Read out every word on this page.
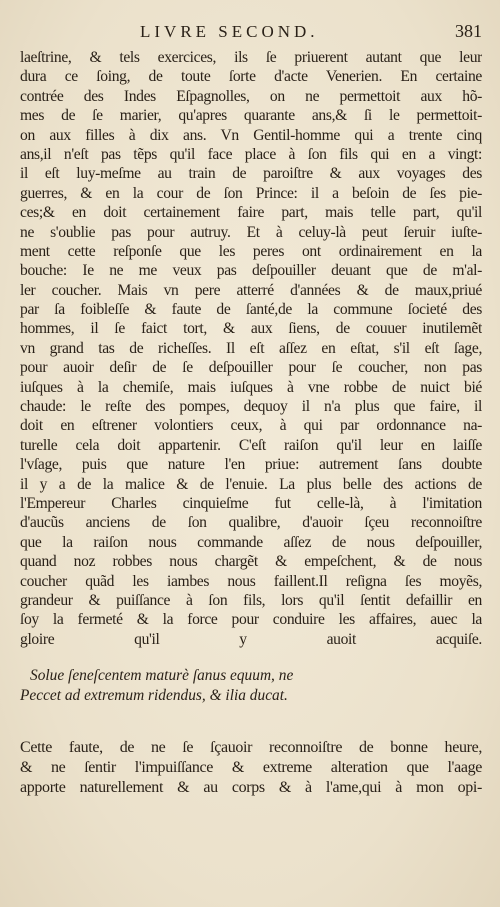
LIVRE SECOND.	381
laeſtrine, & tels exercices, ils ſe priuerent autant que leur
dura ce ſoing, de toute ſorte d'acte Venerien. En certaine
contrée des Indes Eſpagnolles, on ne permettoit aux hõ-
mes de ſe marier, qu'apres quarante ans,& ſi le permettoit-
on aux filles à dix ans. Vn Gentil-homme qui a trente cinq
ans,il n'eſt pas tẽps qu'il face place à ſon fils qui en a vingt:
il eſt luy-meſme au train de paroiſtre & aux voyages des
guerres, & en la cour de ſon Prince: il a beſoin de ſes pie-
ces;& en doit certainement faire part, mais telle part, qu'il
ne s'oublie pas pour autruy. Et à celuy-là peut ſeruir iuſte-
ment cette reſponſe que les peres ont ordinairement en la
bouche: Ie ne me veux pas deſpouiller deuant que de m'al-
ler coucher. Mais vn pere atterré d'années & de maux,priué
par ſa foibleſſe & faute de ſanté,de la commune ſocieté des
hommes, il ſe faict tort, & aux ſiens, de couuer inutilemẽt
vn grand tas de richeſſes. Il eſt aſſez en eſtat, s'il eſt ſage,
pour auoir deſir de ſe deſpouiller pour ſe coucher, non pas
iuſques à la chemiſe, mais iuſques à vne robbe de nuict bié
chaude: le reſte des pompes, dequoy il n'a plus que faire, il
doit en eſtrener volontiers ceux, à qui par ordonnance na-
turelle cela doit appartenir. C'eſt raiſon qu'il leur en laiſſe
l'vſage, puis que nature l'en priue: autrement ſans doubte
il y a de la malice & de l'enuie. La plus belle des actions de
l'Empereur Charles cinquieſme fut celle-là, à l'imitation
d'aucũs anciens de ſon qualibre, d'auoir ſçeu reconnoiſtre
que la raiſon nous commande aſſez de nous deſpouiller,
quand noz robbes nous chargẽt & empeſchent, & de nous
coucher quãd les iambes nous faillent.Il reſigna ſes moyẽs,
grandeur & puiſſance à ſon fils, lors qu'il ſentit defaillir en
ſoy la fermeté & la force pour conduire les affaires, auec la
gloire qu'il y auoit acquiſe.
Solue ſeneſcentem maturè ſanus equum, ne
Peccet ad extremum ridendus, & ilia ducat.
Cette faute, de ne ſe ſçauoir reconnoiſtre de bonne heure,
& ne ſentir l'impuiſſance & extreme alteration que l'aage
apporte naturellement & au corps & à l'ame,qui à mon opi-
